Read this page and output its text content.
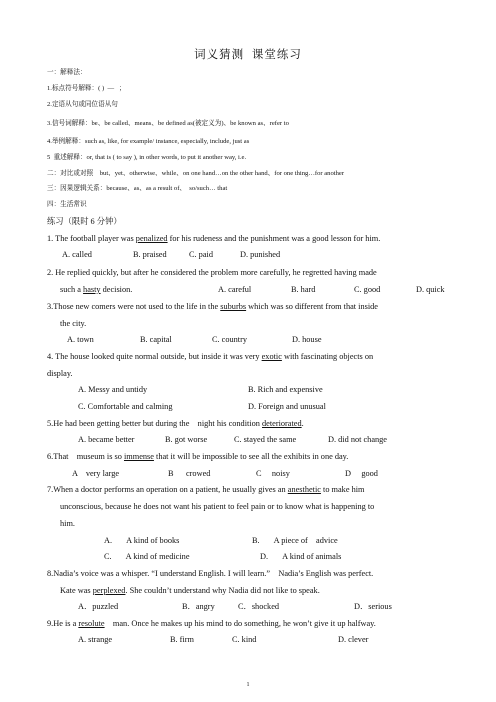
词义猜测  课堂练习
一：解释法：
1.标点符号解释：( )  —   ；
2.定语从句或同位语从句
3.信号词解释：be、be called、means、be defined as(被定义为)、be known as、refer to
4.举例解释：such as, like, for example/ instance, especially, include, just as
5  重述解释：or, that is ( to say ), in other words, to put it another way, i.e.
二：对比或对照    but、yet、otherwise、while、on one hand…on the other hand、for one thing…for another
三：因果逻辑关系：because、as、as a result of、  so/such… that
四：生活常识
练习（限时 6 分钟）
1. The football player was penalized for his rudeness and the punishment was a good lesson for him.
A. called	B. praised	C. paid	D. punished
2. He replied quickly, but after he considered the problem more carefully, he regretted having made
such a hasty decision.	A. careful	B. hard	C. good	D. quick
3.Those new comers were not used to the life in the suburbs which was so different from that inside
the city.
A. town	B. capital	C. country	D. house
4. The house looked quite normal outside, but inside it was very exotic with fascinating objects on
display.
A. Messy and untidy	B. Rich and expensive
C. Comfortable and calming	D. Foreign and unusual
5.He had been getting better but during the    night his condition deteriorated.
A. became better	B. got worse	C. stayed the same	D. did not change
6.That    museum is so immense that it will be impossible to see all the exhibits in one day.
A    very large	B      crowed	C     noisy	D     good
7.When a doctor performs an operation on a patient, he usually gives an anesthetic to make him
unconscious, because he does not want his patient to feel pain or to know what is happening to
him.
A.       A kind of books	B.       A piece of    advice
C.       A kind of medicine	D.       A kind of animals
8.Nadia’s voice was a whisper. “I understand English. I will learn.”    Nadia’s English was perfect.
Kate was perplexed. She couldn’t understand why Nadia did not like to speak.
A．puzzled	B．angry	C．shocked	D．serious
9.He is a resolute    man. Once he makes up his mind to do something, he won’t give it up halfway.
A. strange	B. firm	C. kind	D. clever
1
